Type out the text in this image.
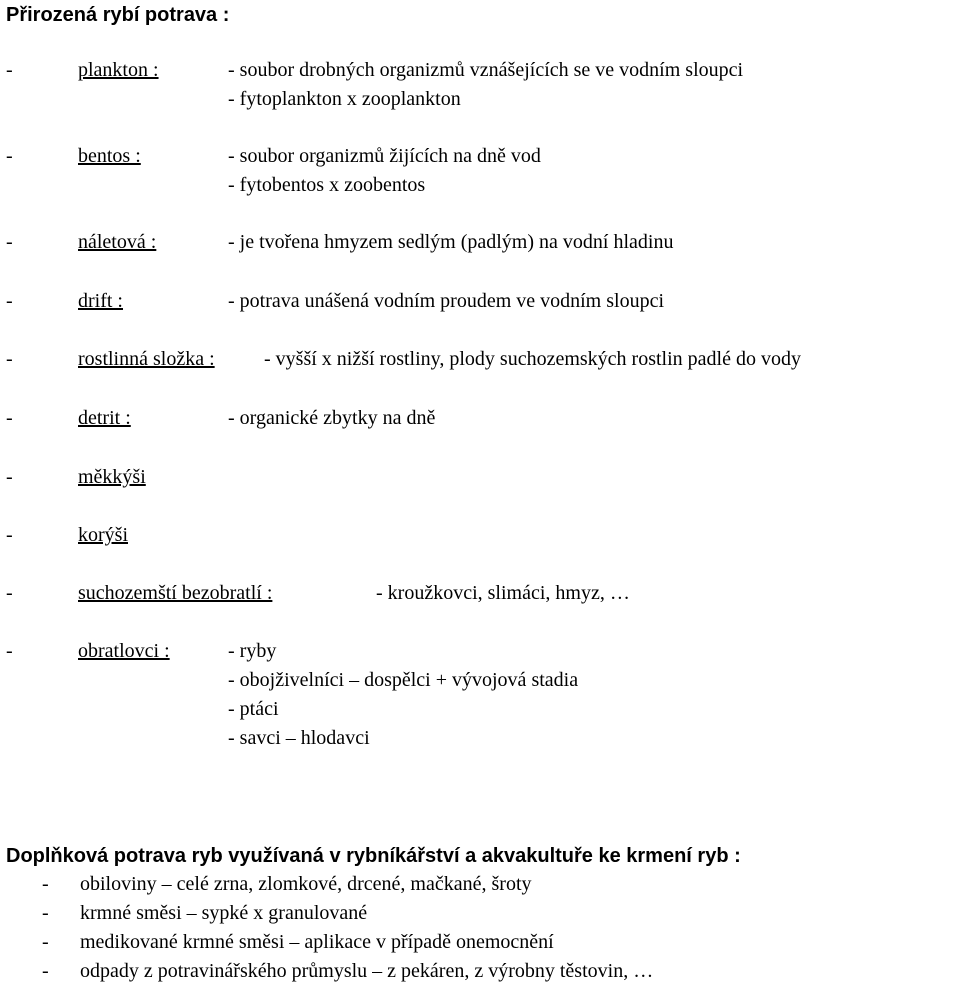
Přirozená rybí potrava :
-	plankton :	- soubor drobných organizmů vznášejících se ve vodním sloupci
- fytoplankton x zooplankton
-	bentos :	- soubor organizmů žijících na dně vod
- fytobentos x zoobentos
-	náletová :	- je tvořena hmyzem sedlým (padlým) na vodní hladinu
-	drift :	- potrava unášená vodním proudem ve vodním sloupci
-	rostlinná složka : - vyšší x nižší rostliny, plody suchozemských rostlin padlé do vody
-	detrit :	- organické zbytky na dně
-	měkkýši
-	korýši
-	suchozemští bezobratlí :	- kroužkovci, slimáci, hmyz, …
-	obratlovci :	- ryby
- obojživelníci – dospělci + vývojová stadia
- ptáci
- savci – hlodavci
Doplňková potrava ryb využívaná v rybníkářství a akvakultuře ke krmení ryb :
- obiloviny – celé zrna, zlomkové, drcené, mačkané, šroty
- krmné směsi – sypké x granulované
- medikované krmné směsi – aplikace v případě onemocnění
- odpady z potravinářského průmyslu – z pekáren, z výrobny těstovin, …
